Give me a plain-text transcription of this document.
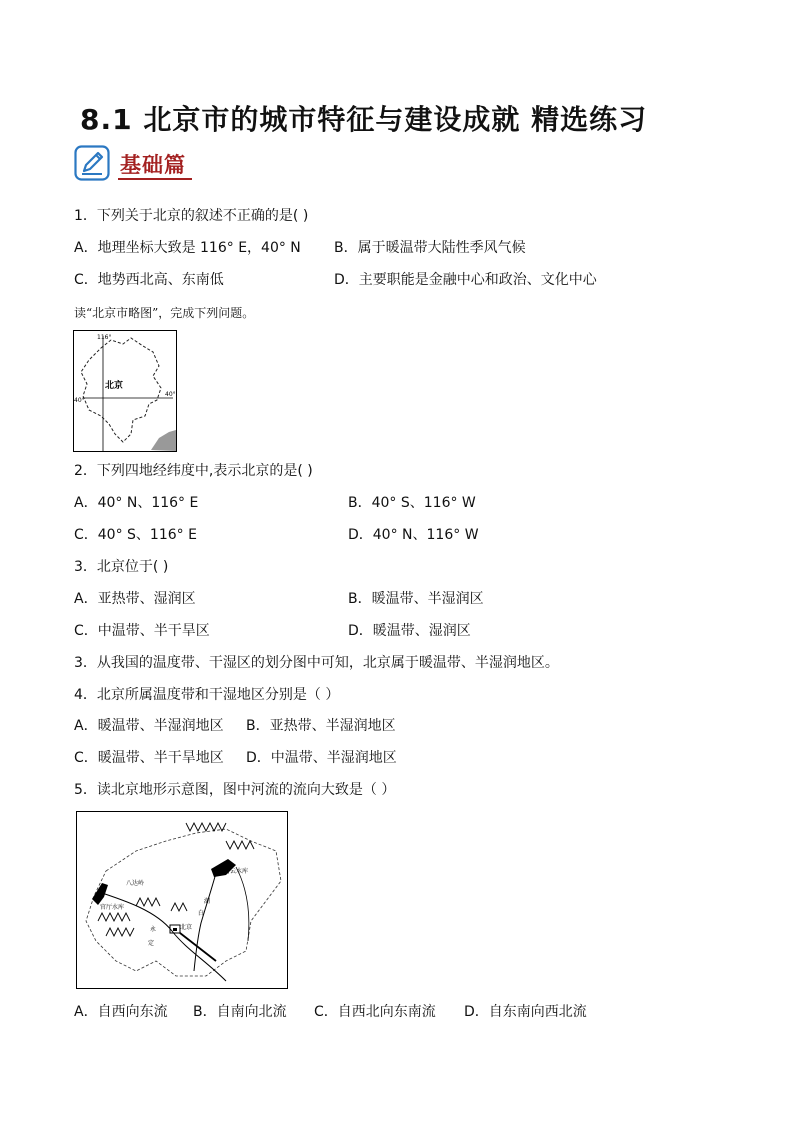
8.1 北京市的城市特征与建设成就 精选练习
基础篇
1．下列关于北京的叙述不正确的是( )
A．地理坐标大致是 116° E，40° N B．属于暖温带大陆性季风气候
C．地势西北高、东南低	D．主要职能是金融中心和政治、文化中心
读“北京市略图”，完成下列问题。
116°
40°
40°
北京
2．下列四地经纬度中,表示北京的是( )
A．40° N、116° E	B．40° S、116° W
C．40° S、116° E	D．40° N、116° W
3．北京位于( )
A．亚热带、湿润区	B．暖温带、半湿润区
C．中温带、半干旱区	D．暖温带、湿润区
3．从我国的温度带、干湿区的划分图中可知，北京属于暖温带、半湿润地区。
4．北京所属温度带和干湿地区分别是（ ）
A．暖温带、半湿润地区 B．亚热带、半湿润地区
C．暖温带、半干旱地区 D．中温带、半湿润地区
5．读北京地形示意图，图中河流的流向大致是（ ）
八达岭
官厅水库
密云水库
北京
潮
白
永
定
A．自西向东流 B．自南向北流 C．自西北向东南流 D．自东南向西北流
